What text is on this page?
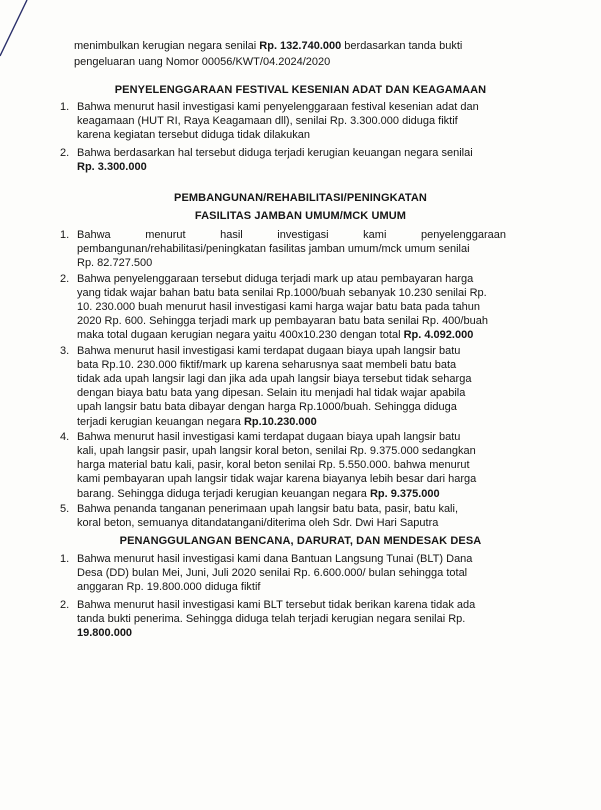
menimbulkan kerugian negara senilai Rp. 132.740.000 berdasarkan tanda bukti
pengeluaran uang Nomor 00056/KWT/04.2024/2020
PENYELENGGARAAN FESTIVAL KESENIAN ADAT DAN KEAGAMAAN
1. Bahwa menurut hasil investigasi kami penyelenggaraan festival kesenian adat dan
keagamaan (HUT RI, Raya Keagamaan dll), senilai Rp. 3.300.000 diduga fiktif
karena kegiatan tersebut diduga tidak dilakukan
2. Bahwa berdasarkan hal tersebut diduga terjadi kerugian keuangan negara senilai
Rp. 3.300.000
PEMBANGUNAN/REHABILITASI/PENINGKATAN
FASILITAS JAMBAN UMUM/MCK UMUM
1. Bahwa	menurut	hasil	investigasi	kami	penyelenggaraan
pembangunan/rehabilitasi/peningkatan fasilitas jamban umum/mck umum senilai
Rp. 82.727.500
2. Bahwa penyelenggaraan tersebut diduga terjadi mark up atau pembayaran harga
yang tidak wajar bahan batu bata senilai Rp.1000/buah sebanyak 10.230 senilai Rp.
10. 230.000 buah menurut hasil investigasi kami harga wajar batu bata pada tahun
2020 Rp. 600. Sehingga terjadi mark up pembayaran batu bata senilai Rp. 400/buah
maka total dugaan kerugian negara yaitu 400x10.230 dengan total Rp. 4.092.000
3. Bahwa menurut hasil investigasi kami terdapat dugaan biaya upah langsir batu
bata Rp.10. 230.000 fiktif/mark up karena seharusnya saat membeli batu bata
tidak ada upah langsir lagi dan jika ada upah langsir biaya tersebut tidak seharga
dengan biaya batu bata yang dipesan. Selain itu menjadi hal tidak wajar apabila
upah langsir batu bata dibayar dengan harga Rp.1000/buah. Sehingga diduga
terjadi kerugian keuangan negara Rp.10.230.000
4. Bahwa menurut hasil investigasi kami terdapat dugaan biaya upah langsir batu
kali, upah langsir pasir, upah langsir koral beton, senilai Rp. 9.375.000 sedangkan
harga material batu kali, pasir, koral beton senilai Rp. 5.550.000. bahwa menurut
kami pembayaran upah langsir tidak wajar karena biayanya lebih besar dari harga
barang. Sehingga diduga terjadi kerugian keuangan negara Rp. 9.375.000
5. Bahwa penanda tanganan penerimaan upah langsir batu bata, pasir, batu kali,
koral beton, semuanya ditandatangani/diterima oleh Sdr. Dwi Hari Saputra
PENANGGULANGAN BENCANA, DARURAT, DAN MENDESAK DESA
1. Bahwa menurut hasil investigasi kami dana Bantuan Langsung Tunai (BLT) Dana
Desa (DD) bulan Mei, Juni, Juli 2020 senilai Rp. 6.600.000/ bulan sehingga total
anggaran Rp. 19.800.000 diduga fiktif
2. Bahwa menurut hasil investigasi kami BLT tersebut tidak berikan karena tidak ada
tanda bukti penerima. Sehingga diduga telah terjadi kerugian negara senilai Rp.
19.800.000
